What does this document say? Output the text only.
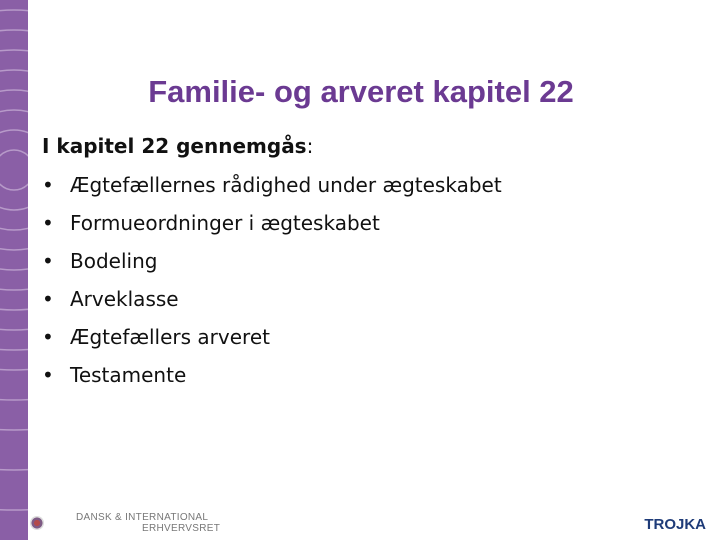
Familie- og arveret kapitel 22
I kapitel 22 gennemgås:
• Ægtefællernes rådighed under ægteskabet
• Formueordninger i ægteskabet
• Bodeling
• Arveklasse
• Ægtefællers arveret
• Testamente
DANSK & INTERNATIONAL
ERHVERVSRET	TROJKA
